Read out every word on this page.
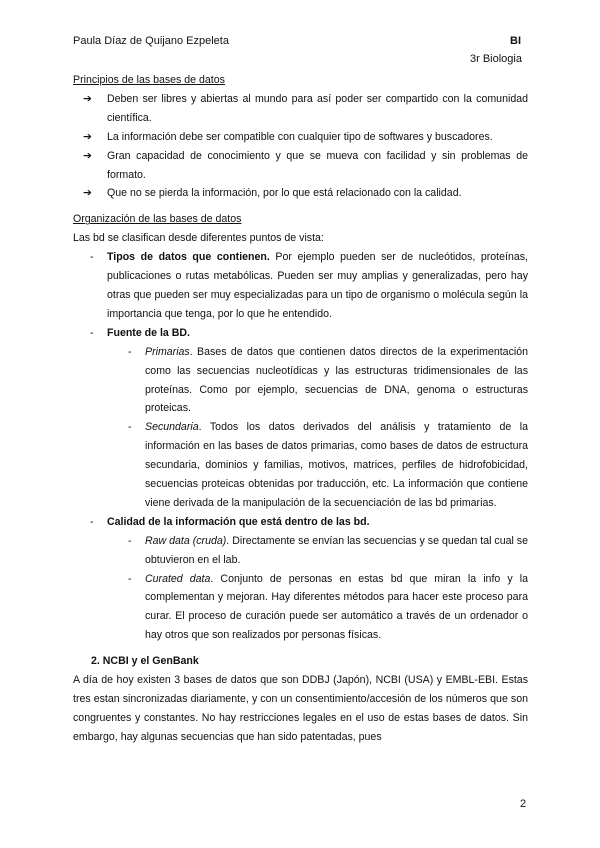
Paula Díaz de Quijano Ezpeleta	BI
3r Biologia
Principios de las bases de datos
➔ Deben ser libres y abiertas al mundo para así poder ser compartido con la comunidad científica.
➔ La información debe ser compatible con cualquier tipo de softwares y buscadores.
➔ Gran capacidad de conocimiento y que se mueva con facilidad y sin problemas de formato.
➔ Que no se pierda la información, por lo que está relacionado con la calidad.
Organización de las bases de datos
Las bd se clasifican desde diferentes puntos de vista:
- Tipos de datos que contienen. Por ejemplo pueden ser de nucleótidos, proteínas, publicaciones o rutas metabólicas. Pueden ser muy amplias y generalizadas, pero hay otras que pueden ser muy especializadas para un tipo de organismo o molécula según la importancia que tenga, por lo que he entendido.
- Fuente de la BD.
- Primarias. Bases de datos que contienen datos directos de la experimentación como las secuencias nucleotídicas y las estructuras tridimensionales de las proteínas. Como por ejemplo, secuencias de DNA, genoma o estructuras proteicas.
- Secundaria. Todos los datos derivados del análisis y tratamiento de la información en las bases de datos primarias, como bases de datos de estructura secundaria, dominios y familias, motivos, matrices, perfiles de hidrofobicidad, secuencias proteicas obtenidas por traducción, etc. La información que contiene viene derivada de la manipulación de la secuenciación de las bd primarias.
- Calidad de la información que está dentro de las bd.
- Raw data (cruda). Directamente se envían las secuencias y se quedan tal cual se obtuvieron en el lab.
- Curated data. Conjunto de personas en estas bd que miran la info y la complementan y mejoran. Hay diferentes métodos para hacer este proceso para curar. El proceso de curación puede ser automático a través de un ordenador o hay otros que son realizados por personas físicas.
2. NCBI y el GenBank
A día de hoy existen 3 bases de datos que son DDBJ (Japón), NCBI (USA) y EMBL-EBI. Estas tres estan sincronizadas diariamente, y con un consentimiento/accesión de los números que son congruentes y constantes. No hay restricciones legales en el uso de estas bases de datos. Sin embargo, hay algunas secuencias que han sido patentadas, pues
2
